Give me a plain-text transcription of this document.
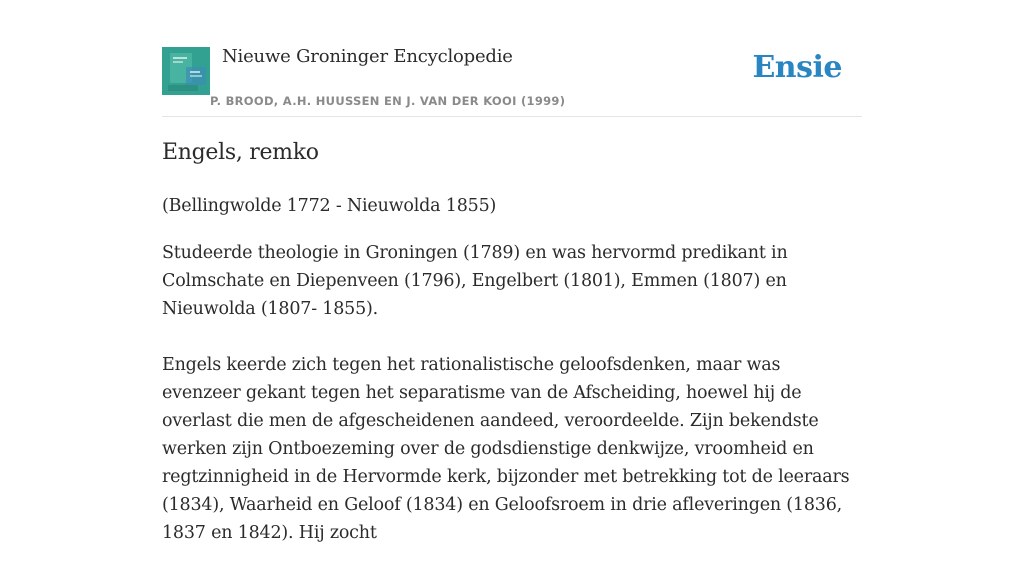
Nieuwe Groninger Encyclopedie
P. BROOD, A.H. HUUSSEN EN J. VAN DER KOOI (1999)
Ensie
Engels, remko

(Bellingwolde 1772 - Nieuwolda 1855)

Studeerde theologie in Groningen (1789) en was hervormd predikant in Colmschate en Diepenveen (1796), Engelbert (1801), Emmen (1807) en Nieuwolda (1807- 1855).

Engels keerde zich tegen het rationalistische geloofsdenken, maar was evenzeer gekant tegen het separatisme van de Afscheiding, hoewel hij de overlast die men de afgescheidenen aandeed, veroordeelde. Zijn bekendste werken zijn Ontboezeming over de godsdienstige denkwijze, vroomheid en regtzinnigheid in de Hervormde kerk, bijzonder met betrekking tot de leeraars (1834), Waarheid en Geloof (1834) en Geloofsroem in drie afleveringen (1836, 1837 en 1842). Hij zocht
